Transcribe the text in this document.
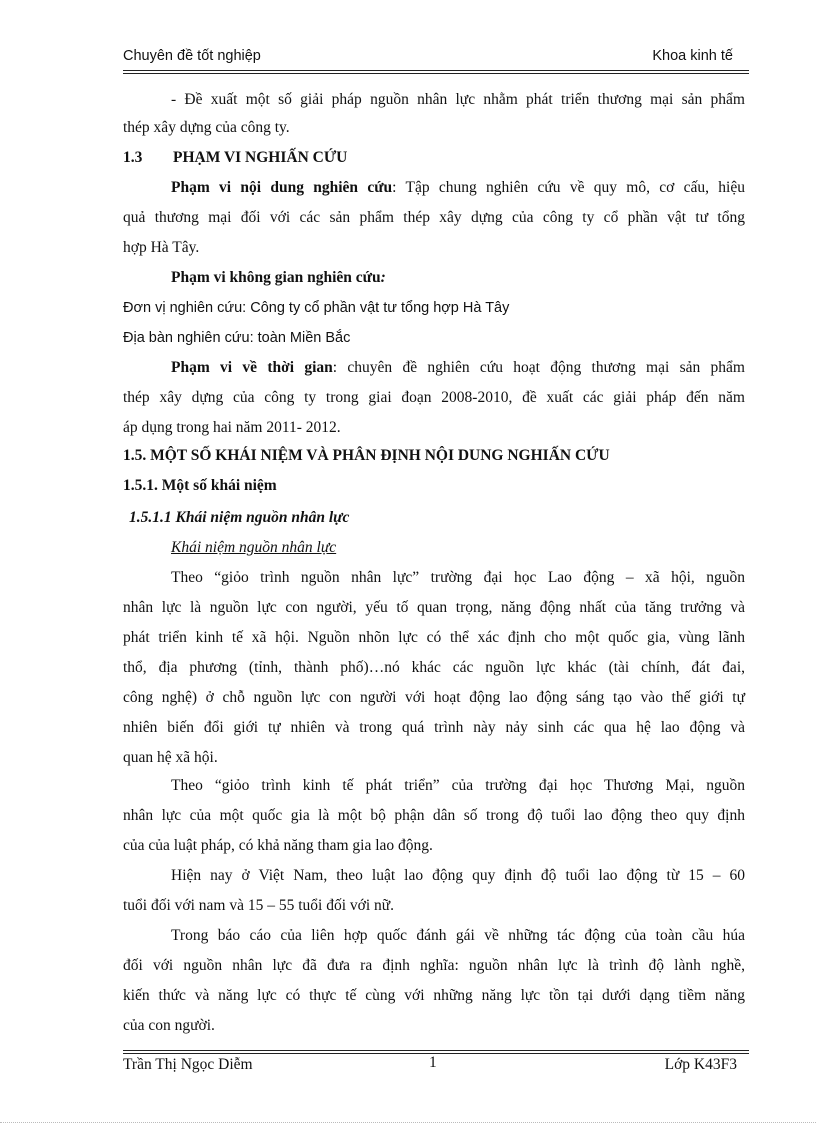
Chuyên đề tốt nghiệp	Khoa kinh tế
- Đề xuất một số giải pháp nguồn nhân lực nhằm phát triển thương mại sản phẩm
thép xây dựng của công ty.
1.3 PHẠM VI NGHIẤN CỨU
Phạm vi nội dung nghiên cứu: Tập chung nghiên cứu về quy mô, cơ cấu, hiệu
quả thương mại đối với các sản phẩm thép xây dựng của công ty cổ phần vật tư tổng
hợp Hà Tây.
Phạm vi không gian nghiên cứu:
Đơn vị nghiên cứu: Công ty cổ phần vật tư tổng hợp Hà Tây
Địa bàn nghiên cứu: toàn Miền Bắc
Phạm vi về thời gian: chuyên đề nghiên cứu hoạt động thương mại sản phẩm
thép xây dựng của công ty trong giai đoạn 2008-2010, đề xuất các giải pháp đến năm
áp dụng trong hai năm 2011- 2012.
1.5. MỘT SỐ KHÁI NIỆM VÀ PHÂN ĐỊNH NỘI DUNG NGHIẤN CỨU
1.5.1. Một số khái niệm
1.5.1.1 Khái niệm nguồn nhân lực
Khái niệm nguồn nhân lực
Theo “giỏo trình nguồn nhân lực” trường đại học Lao động – xã hội, nguồn
nhân lực là nguồn lực con người, yếu tố quan trọng, năng động nhất của tăng trưởng và
phát triển kinh tế xã hội. Nguồn nhõn lực có thể xác định cho một quốc gia, vùng lãnh
thổ, địa phương (tỉnh, thành phố)…nó khác các nguồn lực khác (tài chính, đát đai,
công nghệ) ở chỗ nguồn lực con người với hoạt động lao động sáng tạo vào thế giới tự
nhiên biến đổi giới tự nhiên và trong quá trình này nảy sinh các qua hệ lao động và
quan hệ xã hội.
Theo “giỏo trình kinh tế phát triển” của trường đại học Thương Mại, nguồn
nhân lực của một quốc gia là một bộ phận dân số trong độ tuổi lao động theo quy định
của của luật pháp, có khả năng tham gia lao động.
Hiện nay ở Việt Nam, theo luật lao động quy định độ tuổi lao động từ 15 – 60
tuổi đối với nam và 15 – 55 tuổi đối với nữ.
Trong báo cáo của liên hợp quốc đánh gái về những tác động của toàn cầu húa
đối với nguồn nhân lực đã đưa ra định nghĩa: nguồn nhân lực là trình độ lành nghề,
kiến thức và năng lực có thực tế cùng với những năng lực tồn tại dưới dạng tiềm năng
của con người.
Trần Thị Ngọc Diễm	1	Lớp K43F3
